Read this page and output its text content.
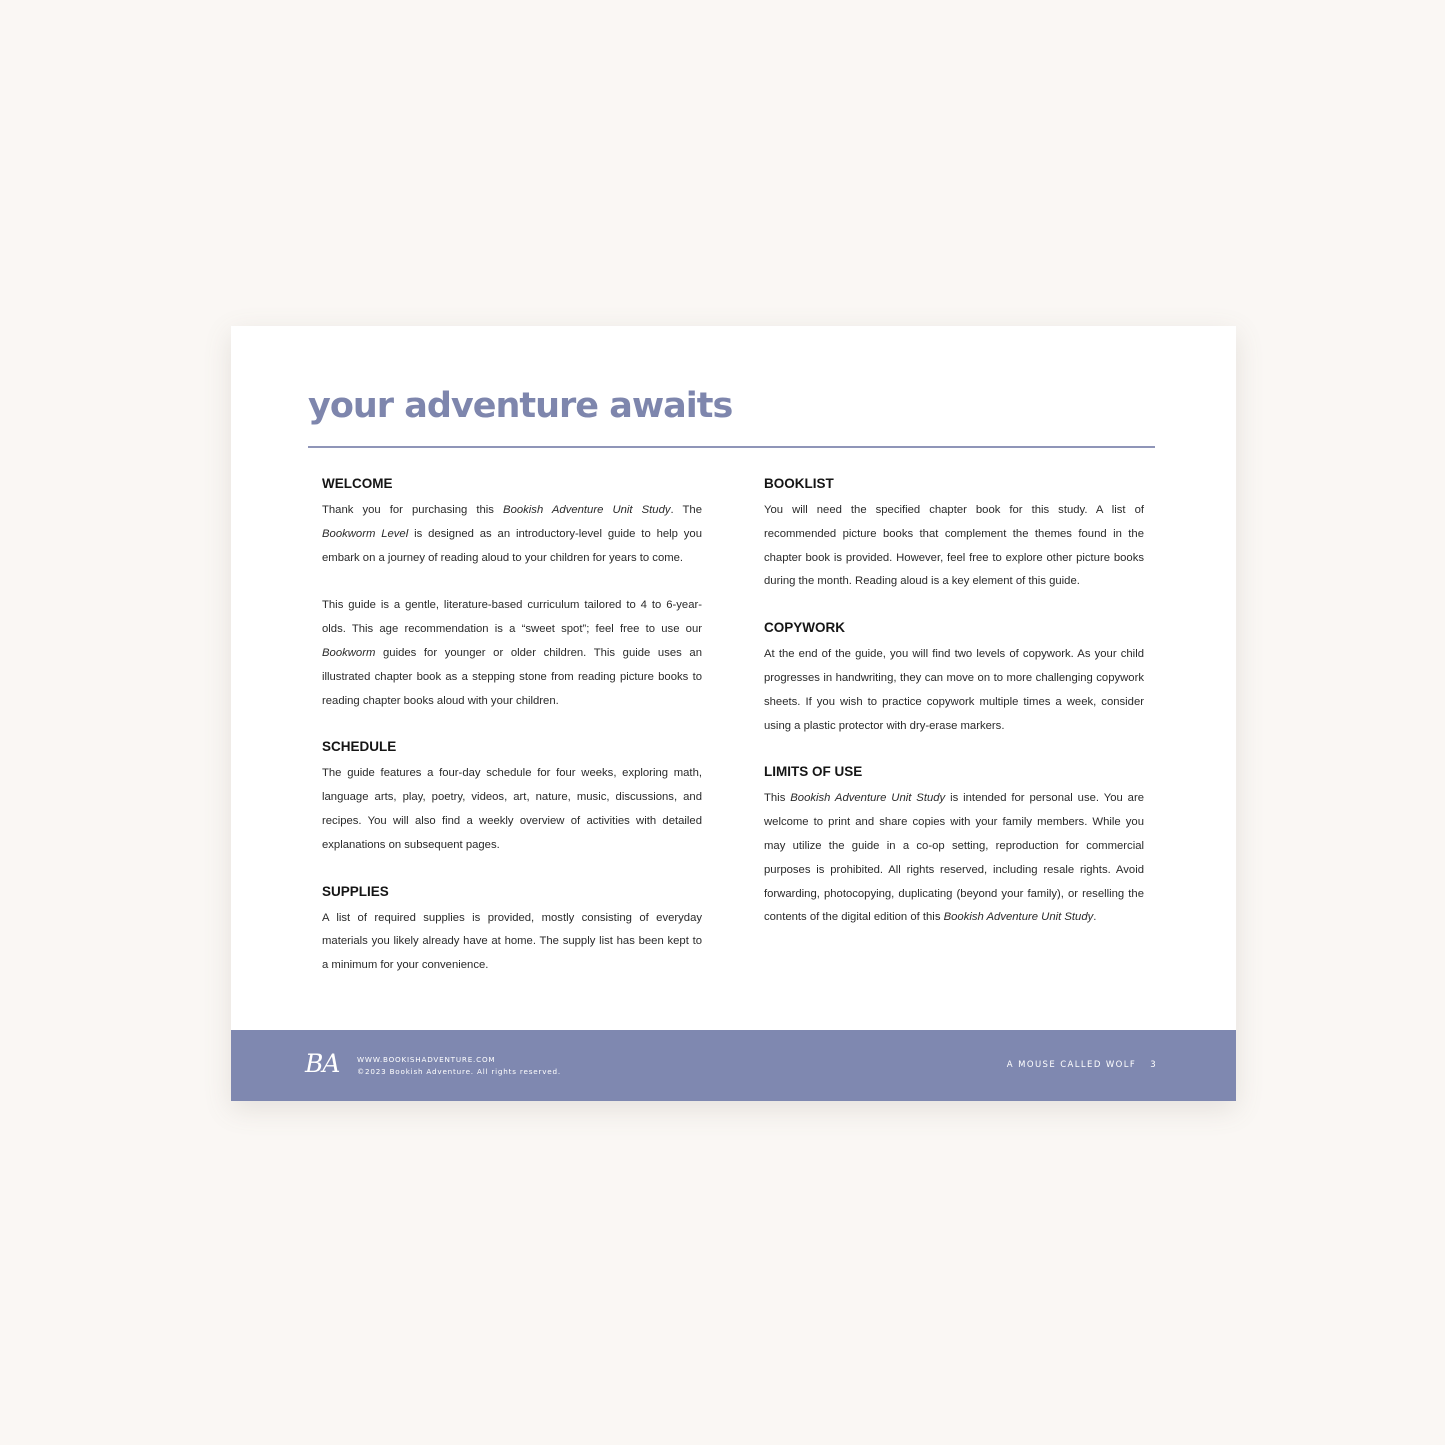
your adventure awaits
WELCOME

Thank you for purchasing this Bookish Adventure Unit Study. The Bookworm Level is designed as an introductory-level guide to help you embark on a journey of reading aloud to your children for years to come.

This guide is a gentle, literature-based curriculum tailored to 4 to 6-year-olds. This age recommendation is a “sweet spot”; feel free to use our Bookworm guides for younger or older children. This guide uses an illustrated chapter book as a stepping stone from reading picture books to reading chapter books aloud with your children.

SCHEDULE

The guide features a four-day schedule for four weeks, exploring math, language arts, play, poetry, videos, art, nature, music, discussions, and recipes. You will also find a weekly overview of activities with detailed explanations on subsequent pages.

SUPPLIES

A list of required supplies is provided, mostly consisting of everyday materials you likely already have at home. The supply list has been kept to a minimum for your convenience.

BOOKLIST

You will need the specified chapter book for this study. A list of recommended picture books that complement the themes found in the chapter book is provided. However, feel free to explore other picture books during the month. Reading aloud is a key element of this guide.

COPYWORK

At the end of the guide, you will find two levels of copywork. As your child progresses in handwriting, they can move on to more challenging copywork sheets. If you wish to practice copywork multiple times a week, consider using a plastic protector with dry-erase markers.

LIMITS OF USE

This Bookish Adventure Unit Study is intended for personal use. You are welcome to print and share copies with your family members. While you may utilize the guide in a co-op setting, reproduction for commercial purposes is prohibited. All rights reserved, including resale rights. Avoid forwarding, photocopying, duplicating (beyond your family), or reselling the contents of the digital edition of this Bookish Adventure Unit Study.

BA WWW.BOOKISHADVENTURE.COM
©2023 Bookish Adventure. All rights reserved.
A MOUSE CALLED WOLF 3
